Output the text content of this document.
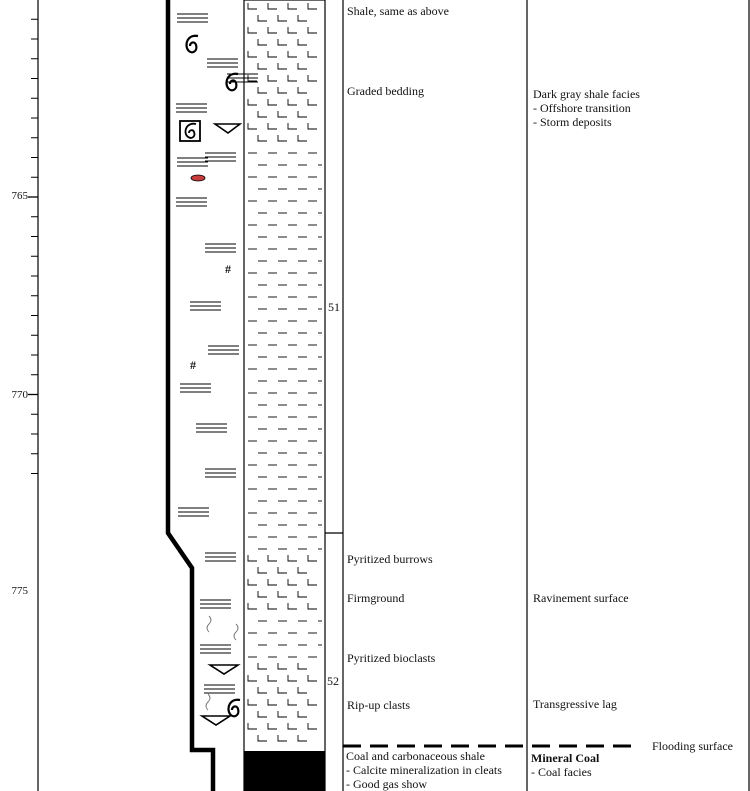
765
770
775
51
52
#
#
Shale, same as above
Graded bedding
Pyritized burrows
Firmground
Pyritized bioclasts
Rip-up clasts
Coal and carbonaceous shale
- Calcite mineralization in cleats
- Good gas show
Dark gray shale facies
- Offshore transition
- Storm deposits
Ravinement surface
Transgressive lag
Mineral Coal
- Coal facies
Flooding surface
